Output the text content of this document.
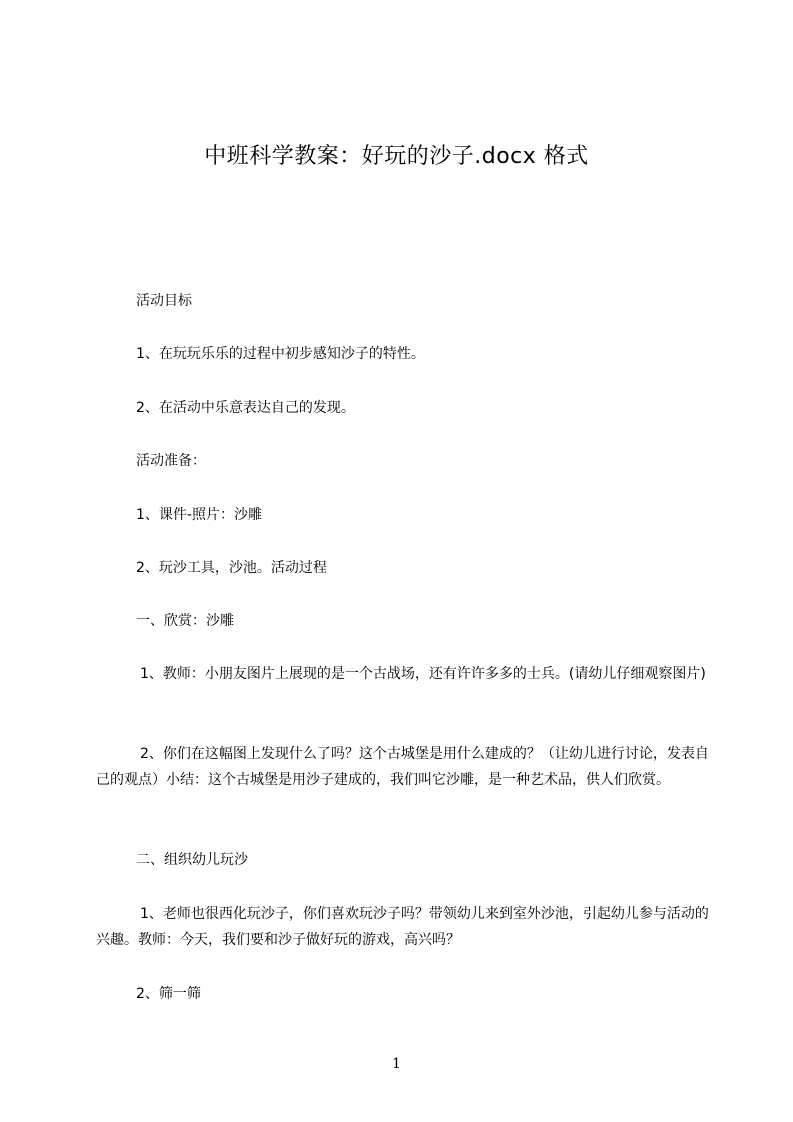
中班科学教案：好玩的沙子.docx 格式
活动目标
1、在玩玩乐乐的过程中初步感知沙子的特性。
2、在活动中乐意表达自己的发现。
活动准备：
1、课件-照片：沙雕
2、玩沙工具，沙池。活动过程
一、欣赏：沙雕
1、教师：小朋友图片上展现的是一个古战场，还有许许多多的士兵。(请幼儿仔细观察图片)
2、你们在这幅图上发现什么了吗？这个古城堡是用什么建成的？（让幼儿进行讨论，发表自己的观点）小结：这个古城堡是用沙子建成的，我们叫它沙雕，是一种艺术品，供人们欣赏。
二、组织幼儿玩沙
1、老师也很西化玩沙子，你们喜欢玩沙子吗？带领幼儿来到室外沙池，引起幼儿参与活动的兴趣。教师：今天，我们要和沙子做好玩的游戏，高兴吗？
2、筛一筛
1
